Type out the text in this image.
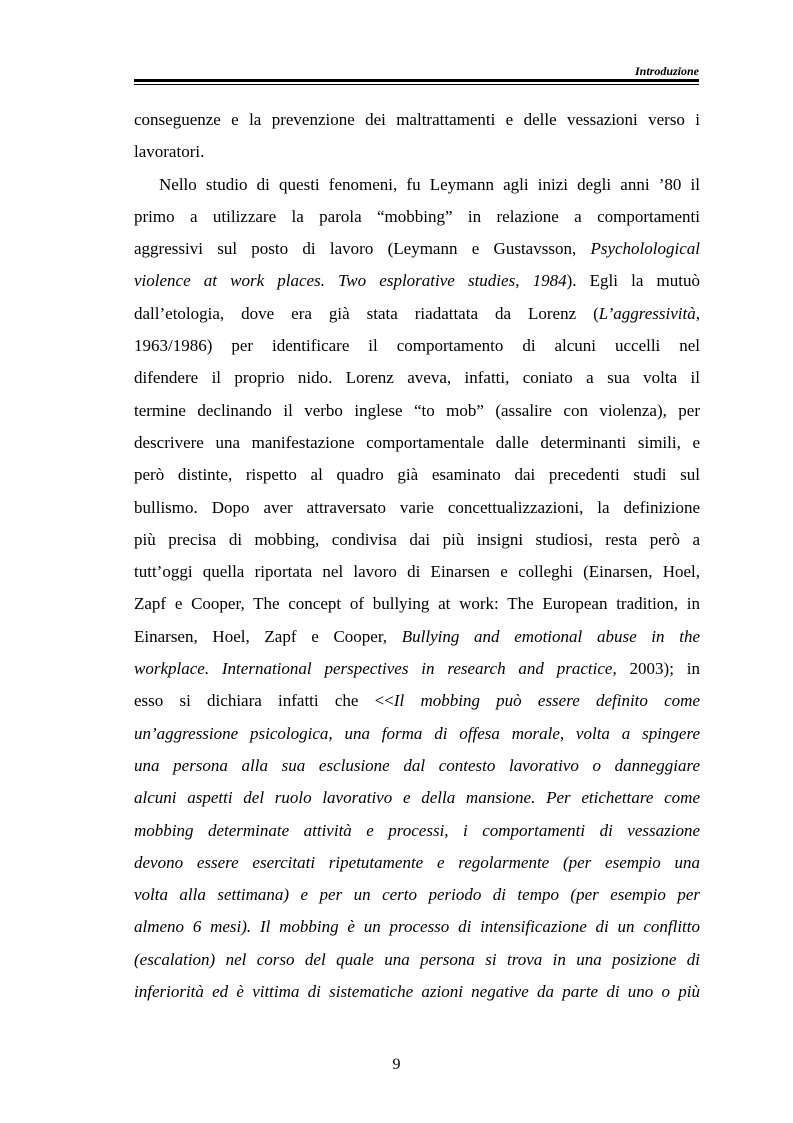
Introduzione
conseguenze e la prevenzione dei maltrattamenti e delle vessazioni verso i
lavoratori.
Nello studio di questi fenomeni, fu Leymann agli inizi degli anni ’80 il
primo a utilizzare la parola “mobbing” in relazione a comportamenti
aggressivi sul posto di lavoro (Leymann e Gustavsson, Psycholological
violence at work places. Two esplorative studies, 1984). Egli la mutuò
dall’etologia, dove era già stata riadattata da Lorenz (L’aggressività,
1963/1986) per identificare il comportamento di alcuni uccelli nel
difendere il proprio nido. Lorenz aveva, infatti, coniato a sua volta il
termine declinando il verbo inglese “to mob” (assalire con violenza), per
descrivere una manifestazione comportamentale dalle determinanti simili, e
però distinte, rispetto al quadro già esaminato dai precedenti studi sul
bullismo. Dopo aver attraversato varie concettualizzazioni, la definizione
più precisa di mobbing, condivisa dai più insigni studiosi, resta però a
tutt’oggi quella riportata nel lavoro di Einarsen e colleghi (Einarsen, Hoel,
Zapf e Cooper, The concept of bullying at work: The European tradition, in
Einarsen, Hoel, Zapf e Cooper, Bullying and emotional abuse in the
workplace. International perspectives in research and practice, 2003); in
esso si dichiara infatti che <<Il mobbing può essere definito come
un’aggressione psicologica, una forma di offesa morale, volta a spingere
una persona alla sua esclusione dal contesto lavorativo o danneggiare
alcuni aspetti del ruolo lavorativo e della mansione. Per etichettare come
mobbing determinate attività e processi, i comportamenti di vessazione
devono essere esercitati ripetutamente e regolarmente (per esempio una
volta alla settimana) e per un certo periodo di tempo (per esempio per
almeno 6 mesi). Il mobbing è un processo di intensificazione di un conflitto
(escalation) nel corso del quale una persona si trova in una posizione di
inferiorità ed è vittima di sistematiche azioni negative da parte di uno o più
9
